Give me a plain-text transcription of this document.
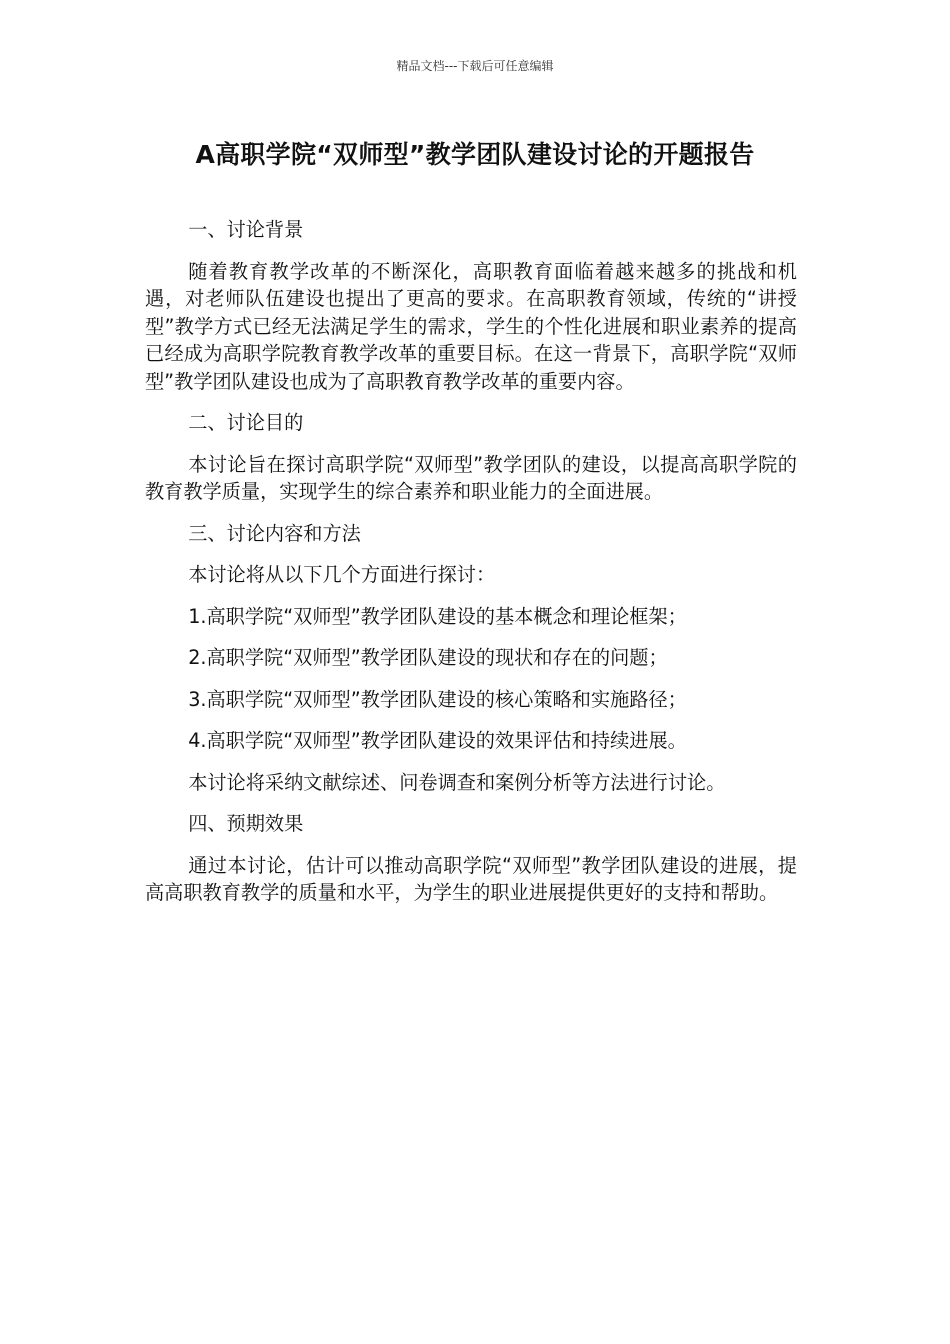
精品文档---下载后可任意编辑
A高职学院“双师型”教学团队建设讨论的开题报告

一、讨论背景

随着教育教学改革的不断深化，高职教育面临着越来越多的挑战和机遇，对老师队伍建设也提出了更高的要求。在高职教育领域，传统的“讲授型”教学方式已经无法满足学生的需求，学生的个性化进展和职业素养的提高已经成为高职学院教育教学改革的重要目标。在这一背景下，高职学院“双师型”教学团队建设也成为了高职教育教学改革的重要内容。

二、讨论目的

本讨论旨在探讨高职学院“双师型”教学团队的建设，以提高高职学院的教育教学质量，实现学生的综合素养和职业能力的全面进展。

三、讨论内容和方法

本讨论将从以下几个方面进行探讨：

1.高职学院“双师型”教学团队建设的基本概念和理论框架；

2.高职学院“双师型”教学团队建设的现状和存在的问题；

3.高职学院“双师型”教学团队建设的核心策略和实施路径；

4.高职学院“双师型”教学团队建设的效果评估和持续进展。

本讨论将采纳文献综述、问卷调查和案例分析等方法进行讨论。

四、预期效果

通过本讨论，估计可以推动高职学院“双师型”教学团队建设的进展，提高高职教育教学的质量和水平，为学生的职业进展提供更好的支持和帮助。
